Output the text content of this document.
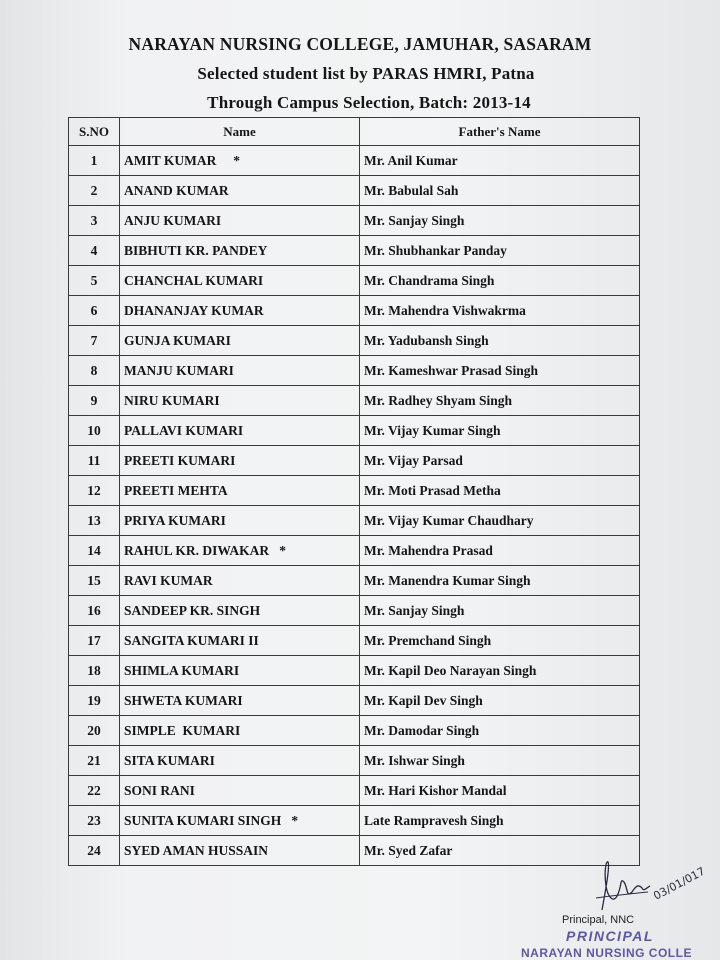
NARAYAN NURSING COLLEGE, JAMUHAR, SASARAM
Selected student list by PARAS HMRI, Patna
Through Campus Selection, Batch: 2013-14
S.NO	Name	Father's Name
1	AMIT KUMAR     *	Mr. Anil Kumar
2	ANAND KUMAR	Mr. Babulal Sah
3	ANJU KUMARI	Mr. Sanjay Singh
4	BIBHUTI KR. PANDEY	Mr. Shubhankar Panday
5	CHANCHAL KUMARI	Mr. Chandrama Singh
6	DHANANJAY KUMAR	Mr. Mahendra Vishwakrma
7	GUNJA KUMARI	Mr. Yadubansh Singh
8	MANJU KUMARI	Mr. Kameshwar Prasad Singh
9	NIRU KUMARI	Mr. Radhey Shyam Singh
10	PALLAVI KUMARI	Mr. Vijay Kumar Singh
11	PREETI KUMARI	Mr. Vijay Parsad
12	PREETI MEHTA	Mr. Moti Prasad Metha
13	PRIYA KUMARI	Mr. Vijay Kumar Chaudhary
14	RAHUL KR. DIWAKAR   *	Mr. Mahendra Prasad
15	RAVI KUMAR	Mr. Manendra Kumar Singh
16	SANDEEP KR. SINGH	Mr. Sanjay Singh
17	SANGITA KUMARI II	Mr. Premchand Singh
18	SHIMLA KUMARI	Mr. Kapil Deo Narayan Singh
19	SHWETA KUMARI	Mr. Kapil Dev Singh
20	SIMPLE  KUMARI	Mr. Damodar Singh
21	SITA KUMARI	Mr. Ishwar Singh
22	SONI RANI	Mr. Hari Kishor Mandal
23	SUNITA KUMARI SINGH   *	Late Rampravesh Singh
24	SYED AMAN HUSSAIN	Mr. Syed Zafar
03/01/017
Principal, NNC
PRINCIPAL
NARAYAN NURSING COLLE
